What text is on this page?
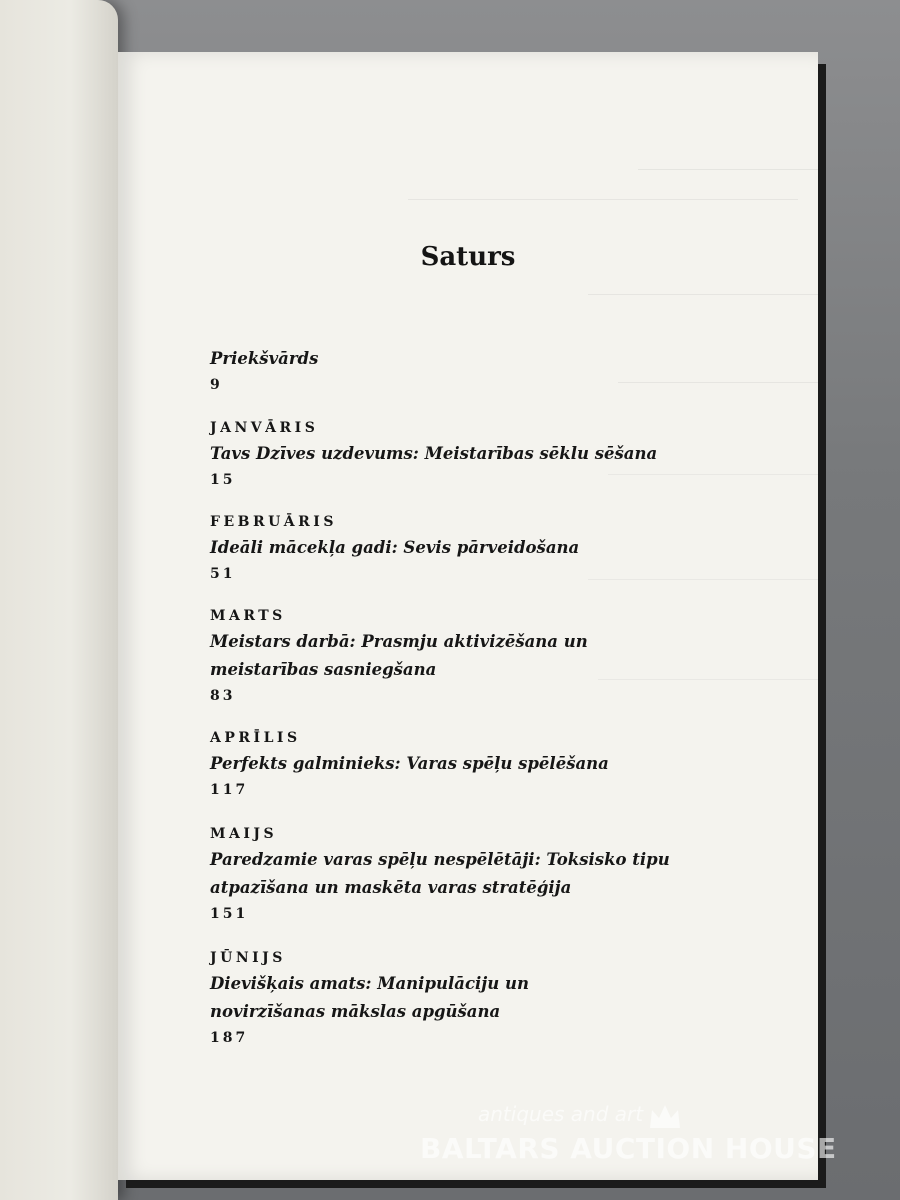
Saturs
Priekšvārds
9
JANVĀRIS
Tavs Dzīves uzdevums: Meistarības sēklu sēšana
15
FEBRUĀRIS
Ideāli mācekļa gadi: Sevis pārveidošana
51
MARTS
Meistars darbā: Prasmju aktivizēšana un meistarības sasniegšana
83
APRĪLIS
Perfekts galminieks: Varas spēļu spēlēšana
117
MAIJS
Paredzamie varas spēļu nespēlētāji: Toksisko tipu atpazīšana un maskēta varas stratēģija
151
JŪNIJS
Dievišķais amats: Manipulāciju un novirzīšanas mākslas apgūšana
187
antiques and art
BALTARS AUCTION HOUSE
